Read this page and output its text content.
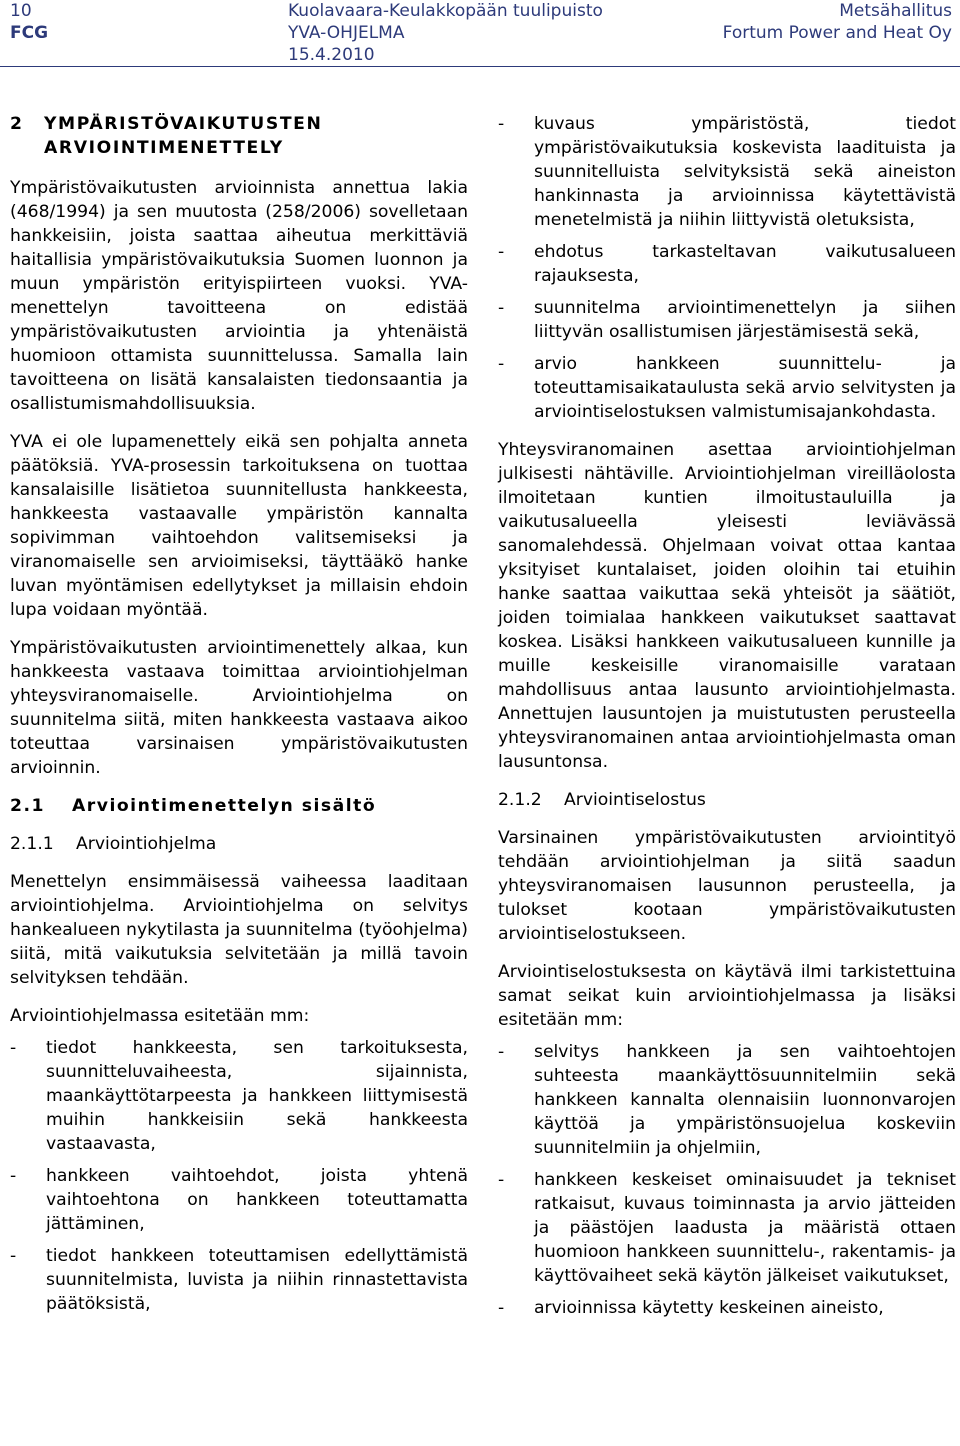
10
FCG
Kuolavaara-Keulakkopään tuulipuisto
YVA-OHJELMA
15.4.2010
Metsähallitus
Fortum Power and Heat Oy
2	YMPÄRISTÖVAIKUTUSTEN ARVIOINTIMENETTELY

Ympäristövaikutusten arvioinnista annettua lakia (468/1994) ja sen muutosta (258/2006) sovelletaan hankkeisiin, joista saattaa aiheutua merkittäviä haitallisia ympäristövaikutuksia Suomen luonnon ja muun ympäristön erityispiirteen vuoksi. YVA-menettelyn tavoitteena on edistää ympäristövaikutusten arviointia ja yhtenäistä huomioon ottamista suunnittelussa. Samalla lain tavoitteena on lisätä kansalaisten tiedonsaantia ja osallistumismahdollisuuksia.

YVA ei ole lupamenettely eikä sen pohjalta anneta päätöksiä. YVA-prosessin tarkoituksena on tuottaa kansalaisille lisätietoa suunnitellusta hankkeesta, hankkeesta vastaavalle ympäristön kannalta sopivimman vaihtoehdon valitsemiseksi ja viranomaiselle sen arvioimiseksi, täyttääkö hanke luvan myöntämisen edellytykset ja millaisin ehdoin lupa voidaan myöntää.

Ympäristövaikutusten arviointimenettely alkaa, kun hankkeesta vastaava toimittaa arviointiohjelman yhteysviranomaiselle. Arviointiohjelma on suunnitelma siitä, miten hankkeesta vastaava aikoo toteuttaa varsinaisen ympäristövaikutusten arvioinnin.

2.1	Arviointimenettelyn sisältö
2.1.1	Arviointiohjelma

Menettelyn ensimmäisessä vaiheessa laaditaan arviointiohjelma. Arviointiohjelma on selvitys hankealueen nykytilasta ja suunnitelma (työohjelma) siitä, mitä vaikutuksia selvitetään ja millä tavoin selvityksen tehdään.

Arviointiohjelmassa esitetään mm:

-	tiedot hankkeesta, sen tarkoituksesta, suunnitteluvaiheesta, sijainnista, maankäyttötarpeesta ja hankkeen liittymisestä muihin hankkeisiin sekä hankkeesta vastaavasta,
-	hankkeen vaihtoehdot, joista yhtenä vaihtoehtona on hankkeen toteuttamatta jättäminen,
-	tiedot hankkeen toteuttamisen edellyttämistä suunnitelmista, luvista ja niihin rinnastettavista päätöksistä,
-	kuvaus ympäristöstä, tiedot ympäristövaikutuksia koskevista laadituista ja suunnitelluista selvityksistä sekä aineiston hankinnasta ja arvioinnissa käytettävistä menetelmistä ja niihin liittyvistä oletuksista,
-	ehdotus tarkasteltavan vaikutusalueen rajauksesta,
-	suunnitelma arviointimenettelyn ja siihen liittyvän osallistumisen järjestämisestä sekä,
-	arvio hankkeen suunnittelu- ja toteuttamisaikataulusta sekä arvio selvitysten ja arviointiselostuksen valmistumisajankohdasta.

Yhteysviranomainen asettaa arviointiohjelman julkisesti nähtäville. Arviointiohjelman vireilläolosta ilmoitetaan kuntien ilmoitustauluilla ja vaikutusalueella yleisesti leviävässä sanomalehdessä. Ohjelmaan voivat ottaa kantaa yksityiset kuntalaiset, joiden oloihin tai etuihin hanke saattaa vaikuttaa sekä yhteisöt ja säätiöt, joiden toimialaa hankkeen vaikutukset saattavat koskea. Lisäksi hankkeen vaikutusalueen kunnille ja muille keskeisille viranomaisille varataan mahdollisuus antaa lausunto arviointiohjelmasta. Annettujen lausuntojen ja muistutusten perusteella yhteysviranomainen antaa arviointiohjelmasta oman lausuntonsa.

2.1.2	Arviointiselostus

Varsinainen ympäristövaikutusten arviointityö tehdään arviointiohjelman ja siitä saadun yhteysviranomaisen lausunnon perusteella, ja tulokset kootaan ympäristövaikutusten arviointiselostukseen.

Arviointiselostuksesta on käytävä ilmi tarkistettuina samat seikat kuin arviointiohjelmassa ja lisäksi esitetään mm:

-	selvitys hankkeen ja sen vaihtoehtojen suhteesta maankäyttösuunnitelmiin sekä hankkeen kannalta olennaisiin luonnonvarojen käyttöä ja ympäristönsuojelua koskeviin suunnitelmiin ja ohjelmiin,
-	hankkeen keskeiset ominaisuudet ja tekniset ratkaisut, kuvaus toiminnasta ja arvio jätteiden ja päästöjen laadusta ja määristä ottaen huomioon hankkeen suunnittelu-, rakentamis- ja käyttövaiheet sekä käytön jälkeiset vaikutukset,
-	arvioinnissa käytetty keskeinen aineisto,
